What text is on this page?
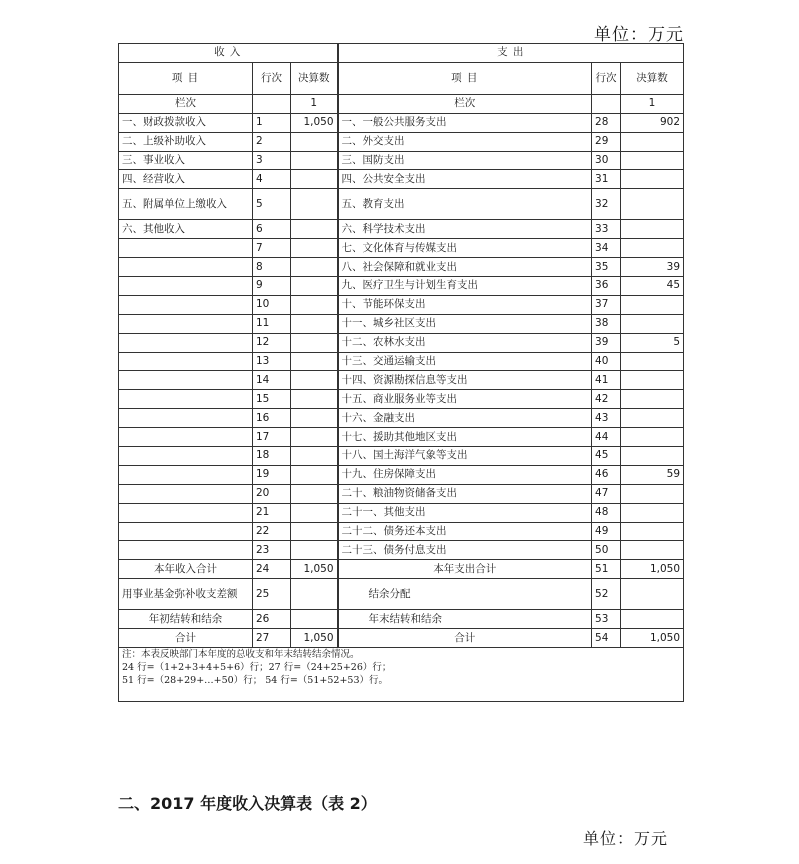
单位：万元
收 入			支 出		
项 目	行次	决算数	项 目	行次	决算数
栏次		1	栏次		1
一、财政拨款收入	1	1,050	一、一般公共服务支出	28	902
二、上级补助收入	2		二、外交支出	29	
三、事业收入	3		三、国防支出	30	
四、经营收入	4		四、公共安全支出	31	
五、附属单位上缴收入	5		五、教育支出	32	
六、其他收入	6		六、科学技术支出	33	
	7		七、文化体育与传媒支出	34	
	8		八、社会保障和就业支出	35	39
	9		九、医疗卫生与计划生育支出	36	45
	10		十、节能环保支出	37	
	11		十一、城乡社区支出	38	
	12		十二、农林水支出	39	5
	13		十三、交通运输支出	40	
	14		十四、资源勘探信息等支出	41	
	15		十五、商业服务业等支出	42	
	16		十六、金融支出	43	
	17		十七、援助其他地区支出	44	
	18		十八、国土海洋气象等支出	45	
	19		十九、住房保障支出	46	59
	20		二十、粮油物资储备支出	47	
	21		二十一、其他支出	48	
	22		二十二、债务还本支出	49	
	23		二十三、债务付息支出	50	
本年收入合计	24	1,050	本年支出合计	51	1,050
用事业基金弥补收支差额	25		结余分配	52	
年初结转和结余	26		年末结转和结余	53	
合计	27	1,050	合计	54	1,050

注：本表反映部门本年度的总收支和年末结转结余情况。
24 行=（1+2+3+4+5+6）行；27 行=（24+25+26）行；
51 行=（28+29+…+50）行； 54 行=（51+52+53）行。					
二、2017 年度收入决算表（表 2）
单位：万元
